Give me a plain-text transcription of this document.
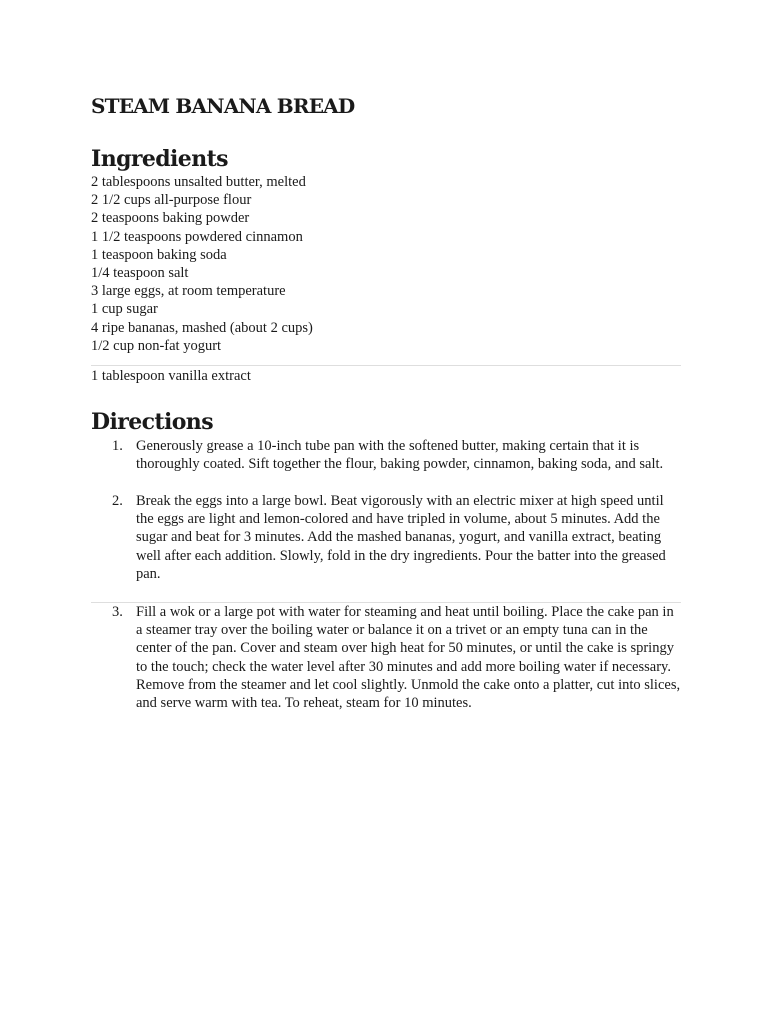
STEAM BANANA BREAD
Ingredients
2 tablespoons unsalted butter, melted
2 1/2 cups all-purpose flour
2 teaspoons baking powder
1 1/2 teaspoons powdered cinnamon
1 teaspoon baking soda
1/4 teaspoon salt
3 large eggs, at room temperature
1 cup sugar
4 ripe bananas, mashed (about 2 cups)
1/2 cup non-fat yogurt
1 tablespoon vanilla extract
Directions
1. Generously grease a 10-inch tube pan with the softened butter, making certain that it is thoroughly coated. Sift together the flour, baking powder, cinnamon, baking soda, and salt.
2. Break the eggs into a large bowl. Beat vigorously with an electric mixer at high speed until the eggs are light and lemon-colored and have tripled in volume, about 5 minutes. Add the sugar and beat for 3 minutes. Add the mashed bananas, yogurt, and vanilla extract, beating well after each addition. Slowly, fold in the dry ingredients. Pour the batter into the greased pan.
3. Fill a wok or a large pot with water for steaming and heat until boiling. Place the cake pan in a steamer tray over the boiling water or balance it on a trivet or an empty tuna can in the center of the pan. Cover and steam over high heat for 50 minutes, or until the cake is springy to the touch; check the water level after 30 minutes and add more boiling water if necessary. Remove from the steamer and let cool slightly. Unmold the cake onto a platter, cut into slices, and serve warm with tea. To reheat, steam for 10 minutes.
